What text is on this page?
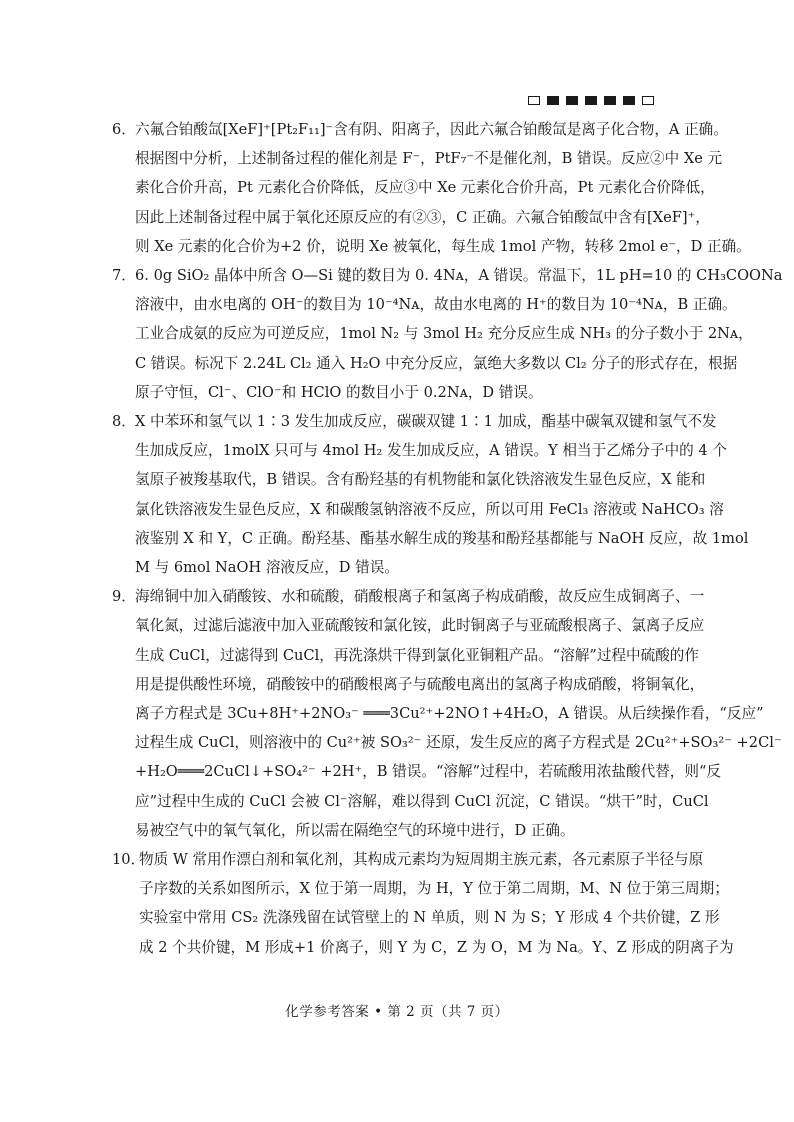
6． 六氟合铂酸氙[XeF]⁺[Pt₂F₁₁]⁻含有阴、阳离子，因此六氟合铂酸氙是离子化合物，A 正确。
根据图中分析，上述制备过程的催化剂是 F⁻，PtF₇⁻不是催化剂，B 错误。反应②中 Xe 元
素化合价升高，Pt 元素化合价降低，反应③中 Xe 元素化合价升高，Pt 元素化合价降低，
因此上述制备过程中属于氧化还原反应的有②③，C 正确。六氟合铂酸氙中含有[XeF]⁺，
则 Xe 元素的化合价为+2 价，说明 Xe 被氧化，每生成 1mol 产物，转移 2mol e⁻，D 正确。
7． 6. 0g SiO₂ 晶体中所含 O—Si 键的数目为 0. 4Nᴀ，A 错误。常温下，1L pH=10 的 CH₃COONa
溶液中，由水电离的 OH⁻的数目为 10⁻⁴Nᴀ，故由水电离的 H⁺的数目为 10⁻⁴Nᴀ，B 正确。
工业合成氨的反应为可逆反应，1mol N₂ 与 3mol H₂ 充分反应生成 NH₃ 的分子数小于 2Nᴀ，
C 错误。标况下 2.24L Cl₂ 通入 H₂O 中充分反应，氯绝大多数以 Cl₂ 分子的形式存在，根据
原子守恒，Cl⁻、ClO⁻和 HClO 的数目小于 0.2Nᴀ，D 错误。
8． X 中苯环和氢气以 1∶3 发生加成反应，碳碳双键 1∶1 加成，酯基中碳氧双键和氢气不发
生加成反应，1molX 只可与 4mol H₂ 发生加成反应，A 错误。Y 相当于乙烯分子中的 4 个
氢原子被羧基取代，B 错误。含有酚羟基的有机物能和氯化铁溶液发生显色反应，X 能和
氯化铁溶液发生显色反应，X 和碳酸氢钠溶液不反应，所以可用 FeCl₃ 溶液或 NaHCO₃ 溶
液鉴别 X 和 Y，C 正确。酚羟基、酯基水解生成的羧基和酚羟基都能与 NaOH 反应，故 1mol
M 与 6mol NaOH 溶液反应，D 错误。
9． 海绵铜中加入硝酸铵、水和硫酸，硝酸根离子和氢离子构成硝酸，故反应生成铜离子、一
氧化氮，过滤后滤液中加入亚硫酸铵和氯化铵，此时铜离子与亚硫酸根离子、氯离子反应
生成 CuCl，过滤得到 CuCl，再洗涤烘干得到氯化亚铜粗产品。“溶解”过程中硫酸的作
用是提供酸性环境，硝酸铵中的硝酸根离子与硫酸电离出的氢离子构成硝酸，将铜氧化，
离子方程式是 3Cu+8H⁺+2NO₃⁻ ═══3Cu²⁺+2NO↑+4H₂O，A 错误。从后续操作看，“反应”
过程生成 CuCl，则溶液中的 Cu²⁺被 SO₃²⁻ 还原，发生反应的离子方程式是 2Cu²⁺+SO₃²⁻ +2Cl⁻
+H₂O═══2CuCl↓+SO₄²⁻ +2H⁺，B 错误。“溶解”过程中，若硫酸用浓盐酸代替，则“反
应”过程中生成的 CuCl 会被 Cl⁻溶解，难以得到 CuCl 沉淀，C 错误。“烘干”时，CuCl
易被空气中的氧气氧化，所以需在隔绝空气的环境中进行，D 正确。
10．
物质 W 常用作漂白剂和氧化剂，其构成元素均为短周期主族元素，各元素原子半径与原
子序数的关系如图所示，X 位于第一周期，为 H，Y 位于第二周期，M、N 位于第三周期；
实验室中常用 CS₂ 洗涤残留在试管壁上的 N 单质，则 N 为 S；Y 形成 4 个共价键，Z 形
成 2 个共价键，M 形成+1 价离子，则 Y 为 C，Z 为 O，M 为 Na。Y、Z 形成的阴离子为
化学参考答案 • 第 2 页（共 7 页）
